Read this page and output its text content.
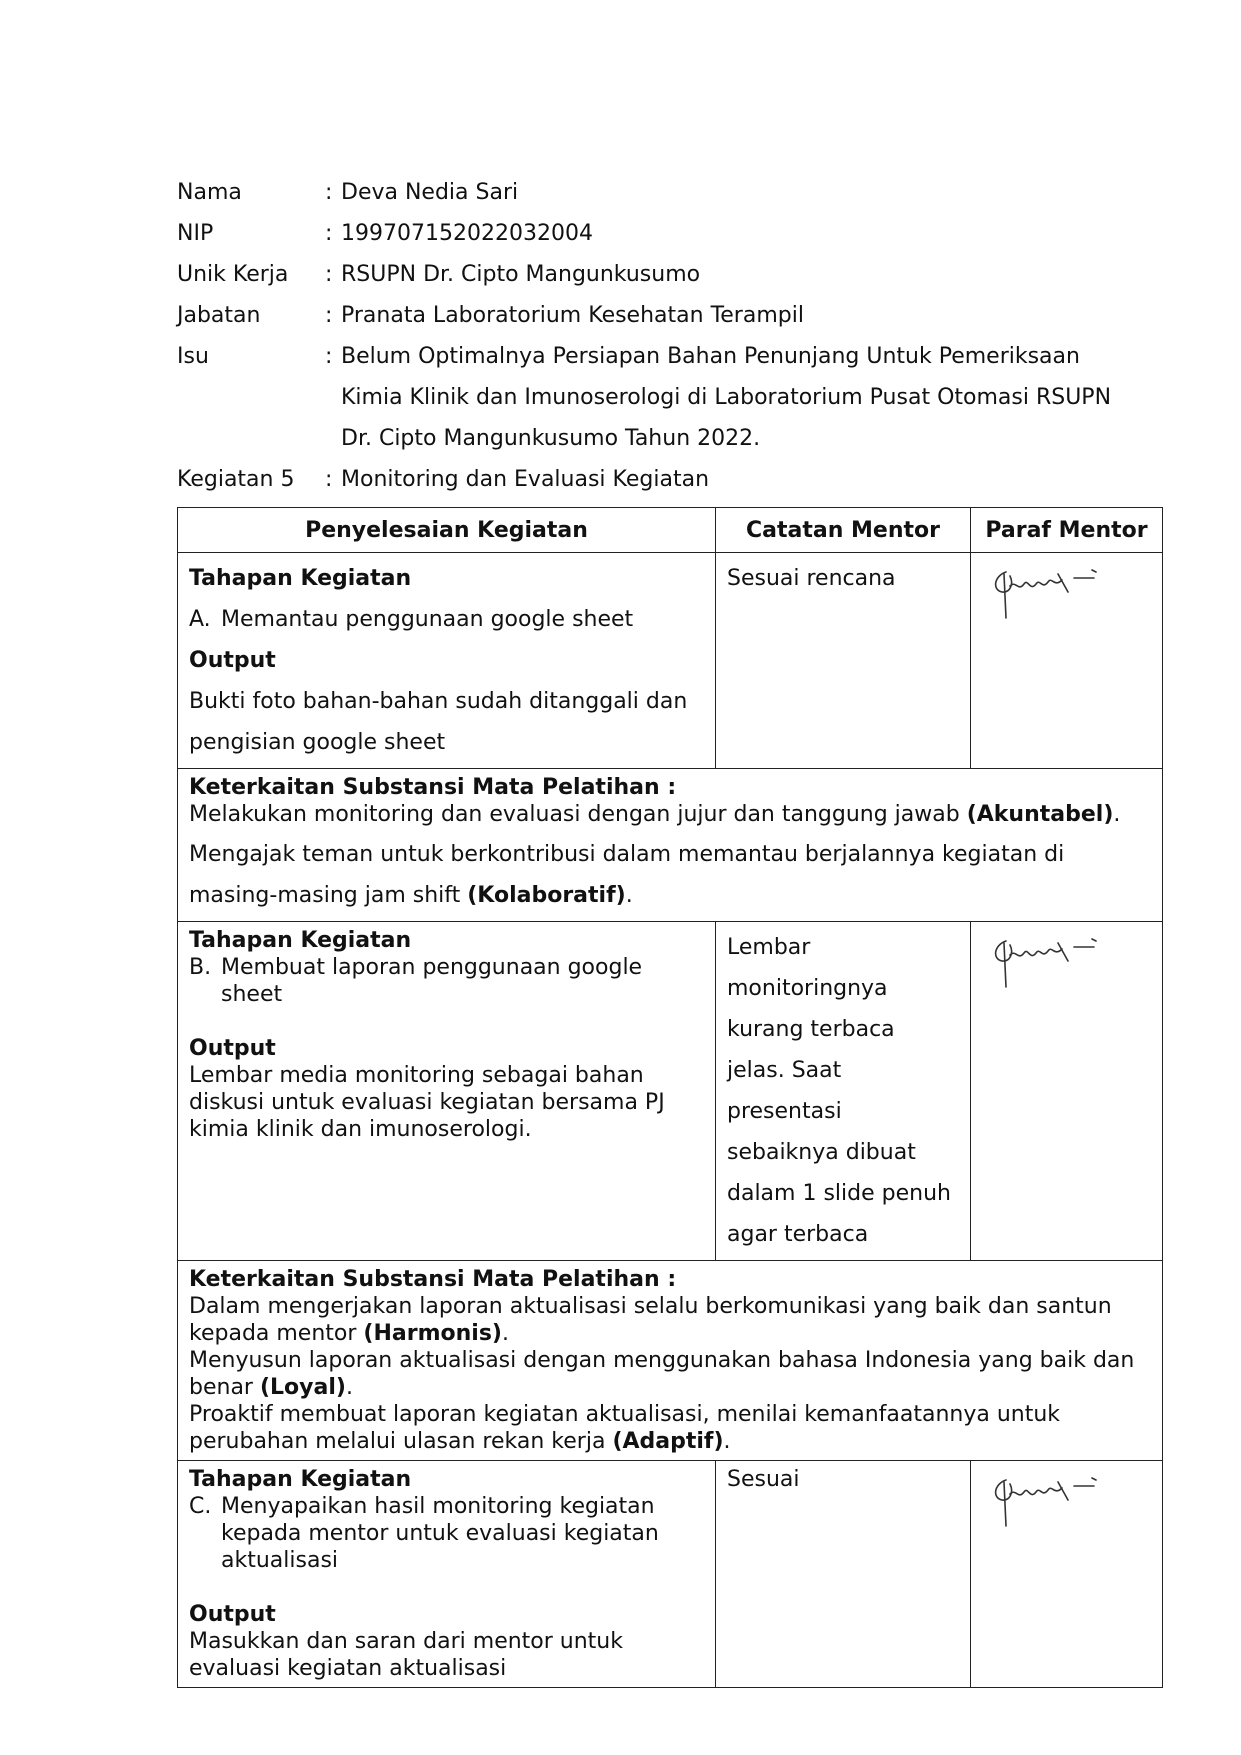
Nama	: Deva Nedia Sari
NIP	: 199707152022032004
Unik Kerja	: RSUPN Dr. Cipto Mangunkusumo
Jabatan	: Pranata Laboratorium Kesehatan Terampil
Isu	: Belum Optimalnya Persiapan Bahan Penunjang Untuk Pemeriksaan Kimia Klinik dan Imunoserologi di Laboratorium Pusat Otomasi RSUPN Dr. Cipto Mangunkusumo Tahun 2022.
Kegiatan 5	: Monitoring dan Evaluasi Kegiatan
Penyelesaian Kegiatan	Catatan Mentor	Paraf Mentor

Tahapan Kegiatan
A. Memantau penggunaan google sheet
Output
Bukti foto bahan-bahan sudah ditanggali dan pengisian google sheet	Sesuai rencana

Keterkaitan Substansi Mata Pelatihan :
Melakukan monitoring dan evaluasi dengan jujur dan tanggung jawab (Akuntabel).
Mengajak teman untuk berkontribusi dalam memantau berjalannya kegiatan di masing-masing jam shift (Kolaboratif).		

Tahapan Kegiatan
B. Membuat laporan penggunaan google sheet
Output
Lembar media monitoring sebagai bahan diskusi untuk evaluasi kegiatan bersama PJ kimia klinik dan imunoserologi.	Lembar monitoringnya kurang terbaca jelas. Saat presentasi sebaiknya dibuat dalam 1 slide penuh agar terbaca

Keterkaitan Substansi Mata Pelatihan :
Dalam mengerjakan laporan aktualisasi selalu berkomunikasi yang baik dan santun kepada mentor (Harmonis).
Menyusun laporan aktualisasi dengan menggunakan bahasa Indonesia yang baik dan benar (Loyal).
Proaktif membuat laporan kegiatan aktualisasi, menilai kemanfaatannya untuk perubahan melalui ulasan rekan kerja (Adaptif).		

Tahapan Kegiatan
C. Menyapaikan hasil monitoring kegiatan kepada mentor untuk evaluasi kegiatan aktualisasi
Output
Masukkan dan saran dari mentor untuk evaluasi kegiatan aktualisasi	Sesuai
